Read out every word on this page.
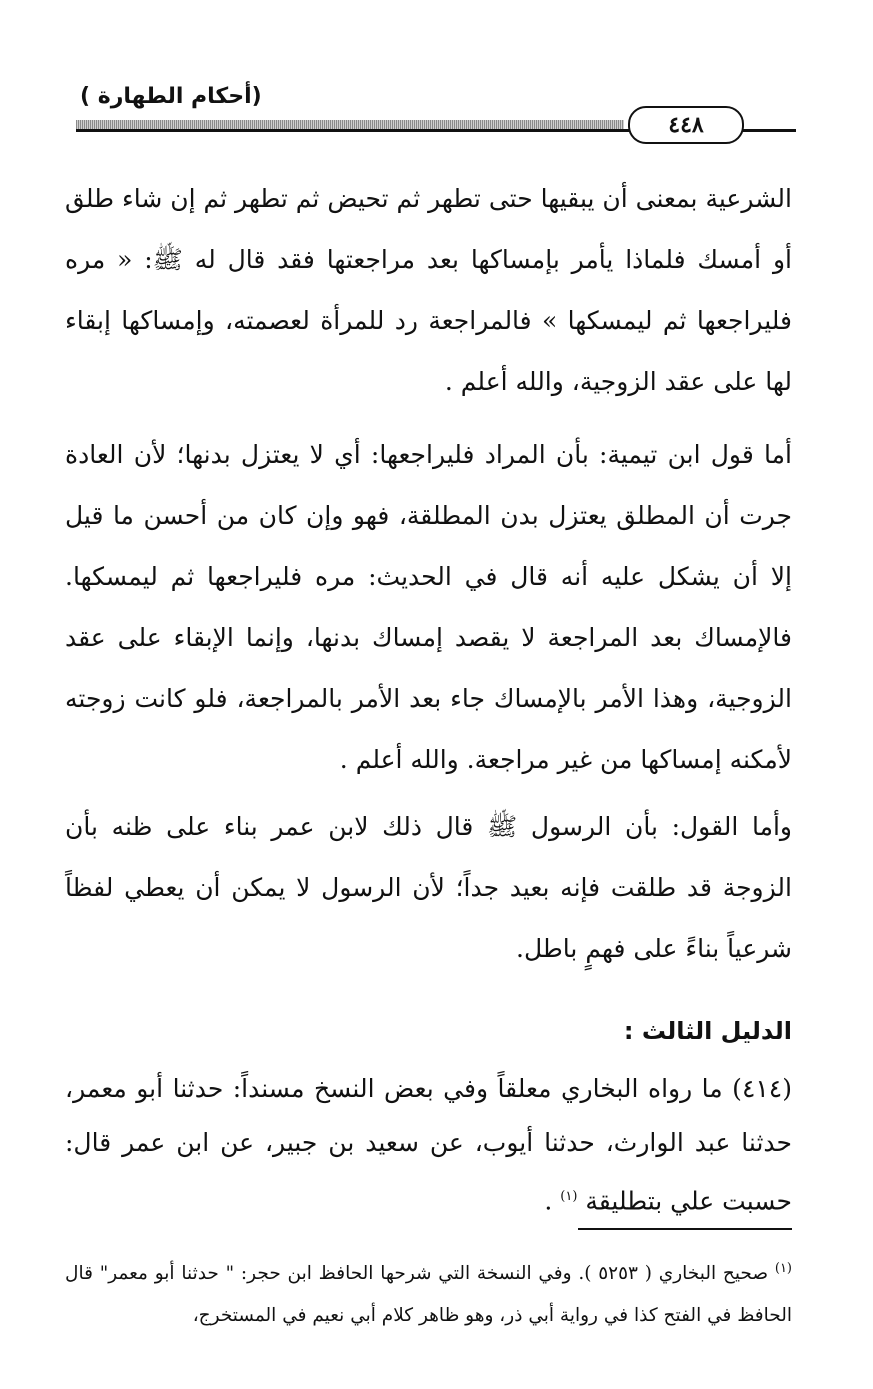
(أحكام الطهارة )
٤٤٨

الشرعية بمعنى أن يبقيها حتى تطهر ثم تحيض ثم تطهر ثم إن شاء طلق أو أمسك فلماذا يأمر بإمساكها بعد مراجعتها فقد قال له ﷺ: « مره فليراجعها ثم ليمسكها » فالمراجعة رد للمرأة لعصمته، وإمساكها إبقاء لها على عقد الزوجية، والله أعلم .

أما قول ابن تيمية: بأن المراد فليراجعها: أي لا يعتزل بدنها؛ لأن العادة جرت أن المطلق يعتزل بدن المطلقة، فهو وإن كان من أحسن ما قيل إلا أن يشكل عليه أنه قال في الحديث: مره فليراجعها ثم ليمسكها. فالإمساك بعد المراجعة لا يقصد إمساك بدنها، وإنما الإبقاء على عقد الزوجية، وهذا الأمر بالإمساك جاء بعد الأمر بالمراجعة، فلو كانت زوجته لأمكنه إمساكها من غير مراجعة. والله أعلم .

وأما القول: بأن الرسول ﷺ قال ذلك لابن عمر بناء على ظنه بأن الزوجة قد طلقت فإنه بعيد جداً؛ لأن الرسول لا يمكن أن يعطي لفظاً شرعياً بناءً على فهمٍ باطل.

الدليل الثالث :

(٤١٤) ما رواه البخاري معلقاً وفي بعض النسخ مسنداً: حدثنا أبو معمر، حدثنا عبد الوارث، حدثنا أيوب، عن سعيد بن جبير، عن ابن عمر قال: حسبت علي بتطليقة $^{(١)}$ .

$^{(١)}$ صحيح البخاري ( ٥٢٥٣ ). وفي النسخة التي شرحها الحافظ ابن حجر: " حدثنا أبو معمر" قال الحافظ في الفتح كذا في رواية أبي ذر، وهو ظاهر كلام أبي نعيم في المستخرج،
